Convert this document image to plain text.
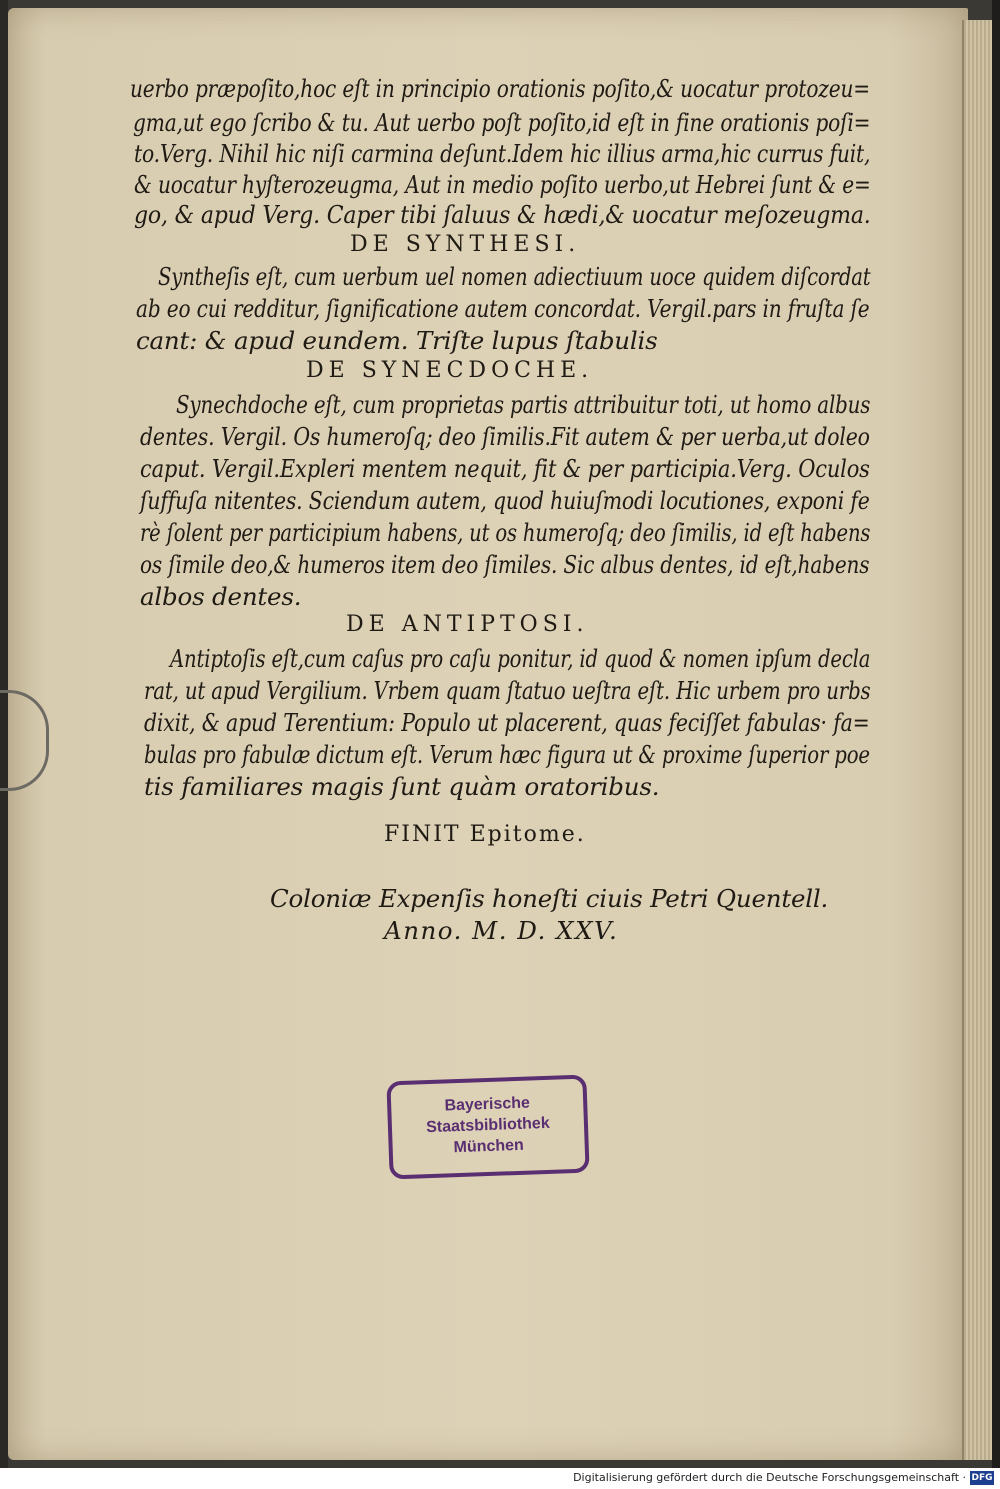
uerbo præpoſito,hoc eſt in principio orationis poſito,& uocatur protozeu=
gma,ut ego ſcribo & tu. Aut uerbo poſt poſito,id eſt in fine orationis poſi=
to.Verg. Nihil hic niſi carmina deſunt.Idem hic illius arma,hic currus fuit,
& uocatur hyſterozeugma, Aut in medio poſito uerbo,ut Hebrei ſunt & e=
go, & apud Verg. Caper tibi ſaluus & hædi,& uocatur meſozeugma.
DE SYNTHESI.
Syntheſis eſt, cum uerbum uel nomen adiectiuum uoce quidem diſcordat
ab eo cui redditur, ſignificatione autem concordat. Vergil.pars in fruſta ſe
cant: & apud eundem. Triſte lupus ſtabulis
DE SYNECDOCHE.
Synechdoche eſt, cum proprietas partis attribuitur toti, ut homo albus
dentes. Vergil. Os humeroſq; deo ſimilis.Fit autem & per uerba,ut doleo
caput. Vergil.Expleri mentem nequit, fit & per participia.Verg. Oculos
ſuffuſa nitentes. Sciendum autem, quod huiuſmodi locutiones, exponi fe
rè ſolent per participium habens, ut os humeroſq; deo ſimilis, id eſt habens
os ſimile deo,& humeros item deo ſimiles. Sic albus dentes, id eſt,habens
albos dentes.
DE ANTIPTOSI.
Antiptoſis eſt,cum caſus pro caſu ponitur, id quod & nomen ipſum decla
rat, ut apud Vergilium. Vrbem quam ſtatuo ueſtra eſt. Hic urbem pro urbs
dixit, & apud Terentium: Populo ut placerent, quas feciſſet fabulas· fa=
bulas pro fabulæ dictum eſt. Verum hæc figura ut & proxime ſuperior poe
tis familiares magis ſunt quàm oratoribus.
FINIT Epitome.
Coloniæ Expenſis honeſti ciuis Petri Quentell.
Anno. M. D. XXV.
Bayerische
Staatsbibliothek
München
Digitalisierung gefördert durch die Deutsche Forschungsgemeinschaft · DFG
